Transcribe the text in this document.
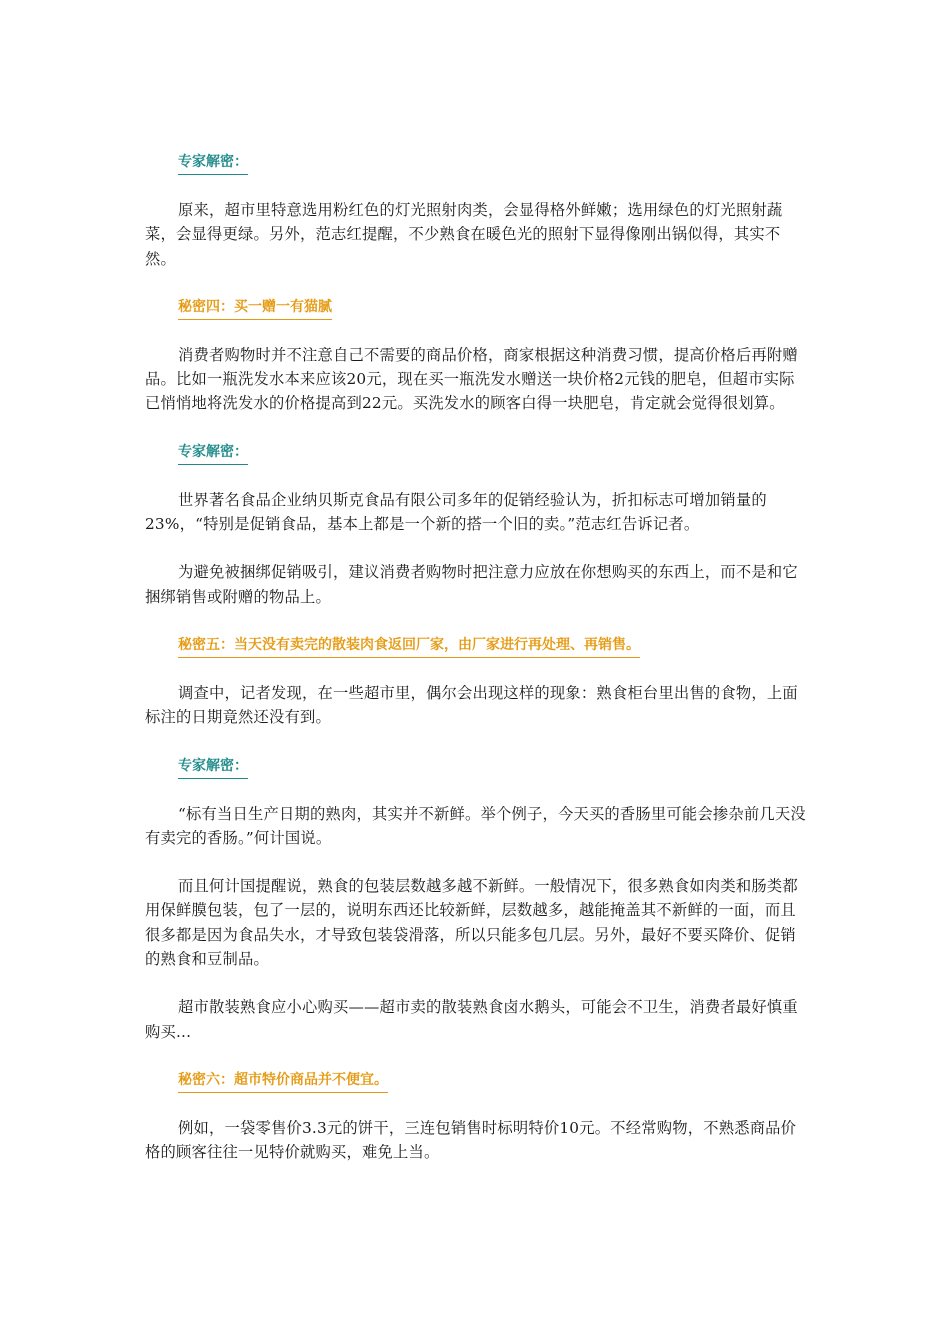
专家解密：

原来，超市里特意选用粉红色的灯光照射肉类，会显得格外鲜嫩；选用绿色的灯光照射蔬菜，会显得更绿。另外，范志红提醒，不少熟食在暖色光的照射下显得像刚出锅似得，其实不然。

秘密四：买一赠一有猫腻

消费者购物时并不注意自己不需要的商品价格，商家根据这种消费习惯，提高价格后再附赠品。比如一瓶洗发水本来应该20元，现在买一瓶洗发水赠送一块价格2元钱的肥皂，但超市实际已悄悄地将洗发水的价格提高到22元。买洗发水的顾客白得一块肥皂，肯定就会觉得很划算。

专家解密：

世界著名食品企业纳贝斯克食品有限公司多年的促销经验认为，折扣标志可增加销量的23%，“特别是促销食品，基本上都是一个新的搭一个旧的卖。”范志红告诉记者。

为避免被捆绑促销吸引，建议消费者购物时把注意力应放在你想购买的东西上，而不是和它捆绑销售或附赠的物品上。

秘密五：当天没有卖完的散装肉食返回厂家，由厂家进行再处理、再销售。

调查中，记者发现，在一些超市里，偶尔会出现这样的现象：熟食柜台里出售的食物，上面标注的日期竟然还没有到。

专家解密：

“标有当日生产日期的熟肉，其实并不新鲜。举个例子，今天买的香肠里可能会掺杂前几天没有卖完的香肠。”何计国说。

而且何计国提醒说，熟食的包装层数越多越不新鲜。一般情况下，很多熟食如肉类和肠类都用保鲜膜包装，包了一层的，说明东西还比较新鲜，层数越多，越能掩盖其不新鲜的一面，而且很多都是因为食品失水，才导致包装袋滑落，所以只能多包几层。另外，最好不要买降价、促销的熟食和豆制品。

超市散装熟食应小心购买——超市卖的散装熟食卤水鹅头，可能会不卫生，消费者最好慎重购买...

秘密六：超市特价商品并不便宜。

例如，一袋零售价3.3元的饼干，三连包销售时标明特价10元。不经常购物，不熟悉商品价格的顾客往往一见特价就购买，难免上当。
